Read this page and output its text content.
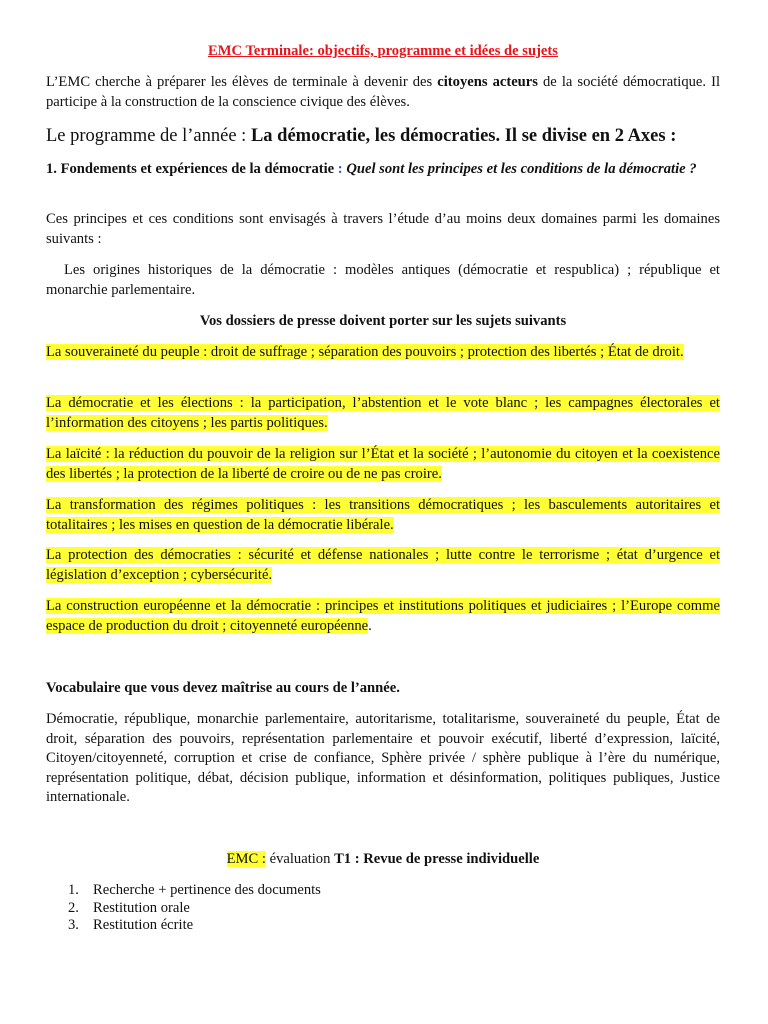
EMC Terminale: objectifs, programme et idées de sujets

L’EMC cherche à préparer les élèves de terminale à devenir des citoyens acteurs de la société démocratique. Il participe à la construction de la conscience civique des élèves.

Le programme de l’année : La démocratie, les démocraties. Il se divise en 2 Axes :

1. Fondements et expériences de la démocratie : Quel sont les principes et les conditions de la démocratie ?

Ces principes et ces conditions sont envisagés à travers l’étude d’au moins deux domaines parmi les domaines suivants :

Les origines historiques de la démocratie : modèles antiques (démocratie et respublica) ; république et monarchie parlementaire.

Vos dossiers de presse doivent porter sur les sujets suivants

La souveraineté du peuple : droit de suffrage ; séparation des pouvoirs ; protection des libertés ; État de droit.

La démocratie et les élections : la participation, l’abstention et le vote blanc ; les campagnes électorales et l’information des citoyens ; les partis politiques.

La laïcité : la réduction du pouvoir de la religion sur l’État et la société ; l’autonomie du citoyen et la coexistence des libertés ; la protection de la liberté de croire ou de ne pas croire.

La transformation des régimes politiques : les transitions démocratiques ; les basculements autoritaires et totalitaires ; les mises en question de la démocratie libérale.

La protection des démocraties : sécurité et défense nationales ; lutte contre le terrorisme ; état d’urgence et législation d’exception ; cybersécurité.

La construction européenne et la démocratie : principes et institutions politiques et judiciaires ; l’Europe comme espace de production du droit ; citoyenneté européenne.

Vocabulaire que vous devez maîtrise au cours de l’année.

Démocratie, république, monarchie parlementaire, autoritarisme, totalitarisme, souveraineté du peuple, État de droit, séparation des pouvoirs, représentation parlementaire et pouvoir exécutif, liberté d’expression, laïcité, Citoyen/citoyenneté, corruption et crise de confiance, Sphère privée / sphère publique à l’ère du numérique, représentation politique, débat, décision publique, information et désinformation, politiques publiques, Justice internationale.

EMC : évaluation T1 : Revue de presse individuelle

1. Recherche + pertinence des documents
2. Restitution orale
3. Restitution écrite
